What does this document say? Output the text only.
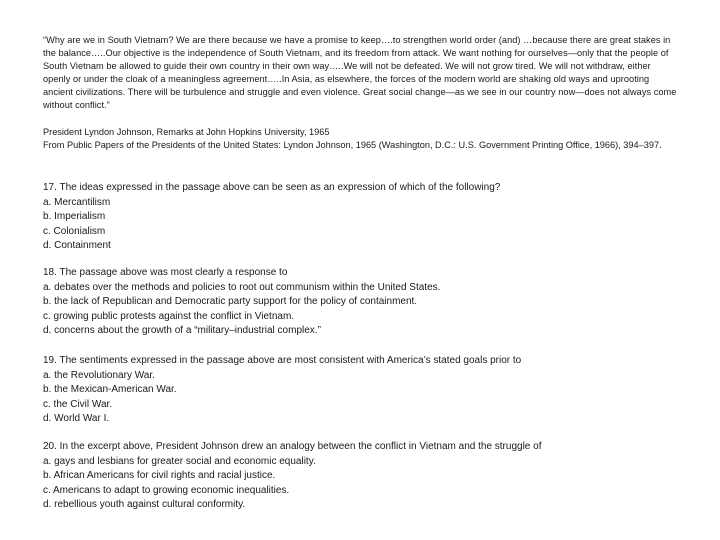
“Why are we in South Vietnam? We are there because we have a promise to keep….to strengthen world order (and) …because there are great stakes in the balance…..Our objective is the independence of South Vietnam, and its freedom from attack. We want nothing for ourselves—only that the people of South Vietnam be allowed to guide their own country in their own way…..We will not be defeated. We will not grow tired. We will not withdraw, either openly or under the cloak of a meaningless agreement…..In Asia, as elsewhere, the forces of the modern world are shaking old ways and uprooting ancient civilizations. There will be turbulence and struggle and even violence. Great social change—as we see in our country now—does not always come without conflict.”
President Lyndon Johnson, Remarks at John Hopkins University, 1965
From Public Papers of the Presidents of the United States: Lyndon Johnson, 1965 (Washington, D.C.: U.S. Government Printing Office, 1966), 394–397.
17. The ideas expressed in the passage above can be seen as an expression of which of the following?
a. Mercantilism
b. Imperialism
c. Colonialism
d. Containment
18. The passage above was most clearly a response to
a. debates over the methods and policies to root out communism within the United States.
b. the lack of Republican and Democratic party support for the policy of containment.
c. growing public protests against the conflict in Vietnam.
d. concerns about the growth of a “military–industrial complex.”
19. The sentiments expressed in the passage above are most consistent with America’s stated goals prior to
a. the Revolutionary War.
b. the Mexican-American War.
c. the Civil War.
d. World War I.
20. In the excerpt above, President Johnson drew an analogy between the conflict in Vietnam and the struggle of
a. gays and lesbians for greater social and economic equality.
b. African Americans for civil rights and racial justice.
c. Americans to adapt to growing economic inequalities.
d. rebellious youth against cultural conformity.
